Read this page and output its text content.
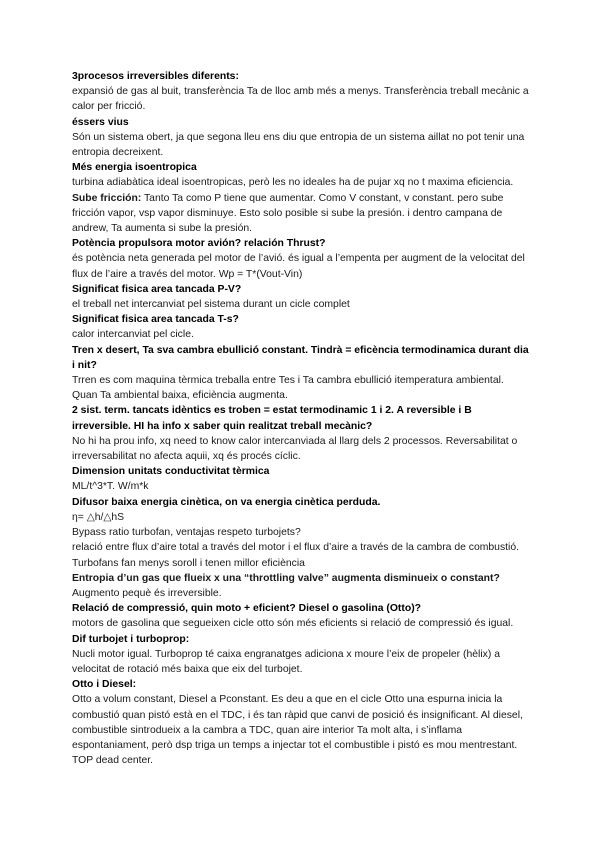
3procesos irreversibles diferents:

expansió de gas al buit, transferència Ta de lloc amb més a menys. Transferència treball mecànic a calor per fricció.

éssers vius

Són un sistema obert, ja que segona lleu ens diu que entropia de un sistema aillat no pot tenir una entropia decreixent.

Més energia isoentropica

turbina adiabàtica ideal isoentropicas, però les no ideales ha de pujar xq no t maxima eficiencia.

Sube fricción: Tanto Ta como P tiene que aumentar. Como V constant, v constant. pero sube fricción vapor, vsp vapor disminuye. Esto solo posible si sube la presión. i dentro campana de andrew, Ta aumenta si sube la presión.

Potència propulsora motor avión? relación Thrust?

és potència neta generada pel motor de l’avió. és igual a l’empenta per augment de la velocitat del flux de l’aire a través del motor. Wp = T*(Vout-Vin)

Significat fisica area tancada P-V?

el treball net intercanviat pel sistema durant un cicle complet

Significat fisica area tancada T-s?

calor intercanviat pel cicle.

Tren x desert, Ta sva cambra ebullició constant. Tindrà = eficència termodinamica durant dia i nit?

Trren es com maquina tèrmica treballa entre Tes i Ta cambra ebullició itemperatura ambiental. Quan Ta ambiental baixa, eficiència augmenta.

2 sist. term. tancats idèntics es troben = estat termodinamic 1 i 2. A reversible i B irreversible. HI ha info x saber quin realitzat treball mecànic?

No hi ha prou info, xq need to know calor intercanviada al llarg dels 2 processos. Reversabilitat o irreversabilitat no afecta aquii, xq és procés cíclic.

Dimension unitats conductivitat tèrmica

ML/t^3*T. W/m*k

Difusor baixa energia cinètica, on va energia cinètica perduda.

η= △h/△hS

Bypass ratio turbofan, ventajas respeto turbojets?

relació entre flux d’aire total a través del motor i el flux d’aire a través de la cambra de combustió. Turbofans fan menys soroll i tenen millor eficiència

Entropia d’un gas que flueix x una “throttling valve” augmenta disminueix o constant? Augmento pequè és irreversible.

Relació de compressió, quin moto + eficient? Diesel o gasolina (Otto)?

motors de gasolina que segueixen cicle otto són més eficients si relació de compressió és igual.

Dif turbojet i turboprop:

Nucli motor igual. Turboprop té caixa engranatges adiciona x moure l’eix de propeler (hèlix) a velocitat de rotació més baixa que eix del turbojet.

Otto i Diesel:

Otto a volum constant, Diesel a Pconstant. Es deu a que en el cicle Otto una espurna inicia la combustió quan pistó està en el TDC, i és tan ràpid que canvi de posició és insignificant. Al diesel, combustible sintrodueix a la cambra a TDC, quan aire interior Ta molt alta, i s’inflama espontaniament, però dsp triga un temps a injectar tot el combustible i pistó es mou mentrestant. TOP dead center.
